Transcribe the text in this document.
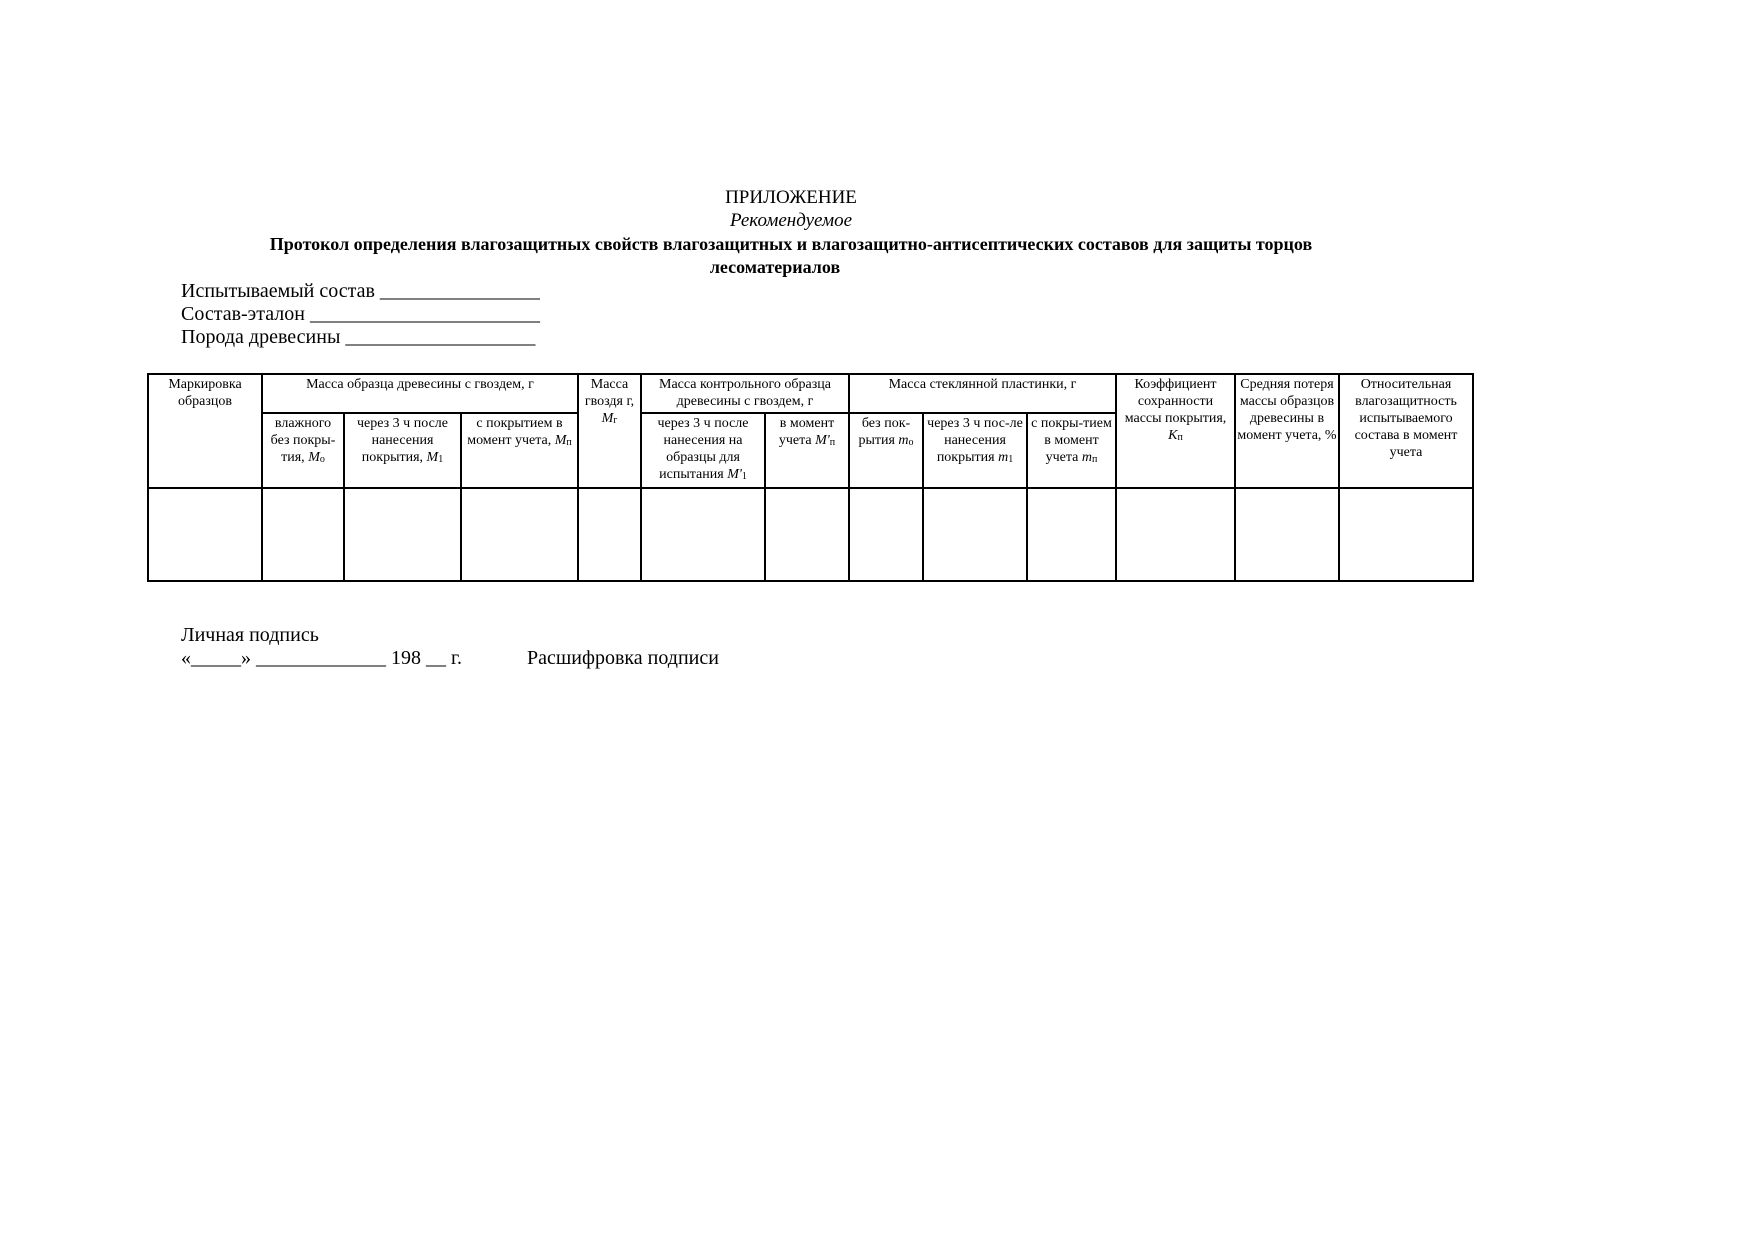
ПРИЛОЖЕНИЕ
Рекомендуемое
Протокол определения влагозащитных свойств влагозащитных и влагозащитно-антисептических составов для защиты торцов
лесоматериалов
Испытываемый состав ________________
Состав-эталон _______________________
Порода древесины ___________________
Маркировка образцов	Масса образца древесины с гвоздем, г			Масса гвоздя г, $M_г$	Масса контрольного образца древесины с гвоздем, г		Масса стеклянной пластинки, г			Коэффициент сохранности массы покрытия, $K_п$	Средняя потеря массы образцов древесины в момент учета, %	Относительная влагозащитность испытываемого состава в момент учета
	влажного без покры-тия, $M_о$	через 3 ч после нанесения покрытия, $M_1$	с покрытием в момент учета, $M_п$		через 3 ч после нанесения на образцы для испытания $M'_1$	в момент учета $M'_п$	без пок-рытия $m_о$	через 3 ч пос-ле нанесения покрытия $m_1$	с покры-тием в момент учета $m_п$

Личная подпись
«_____» _____________ 198 __ г.	Расшифровка подписи
